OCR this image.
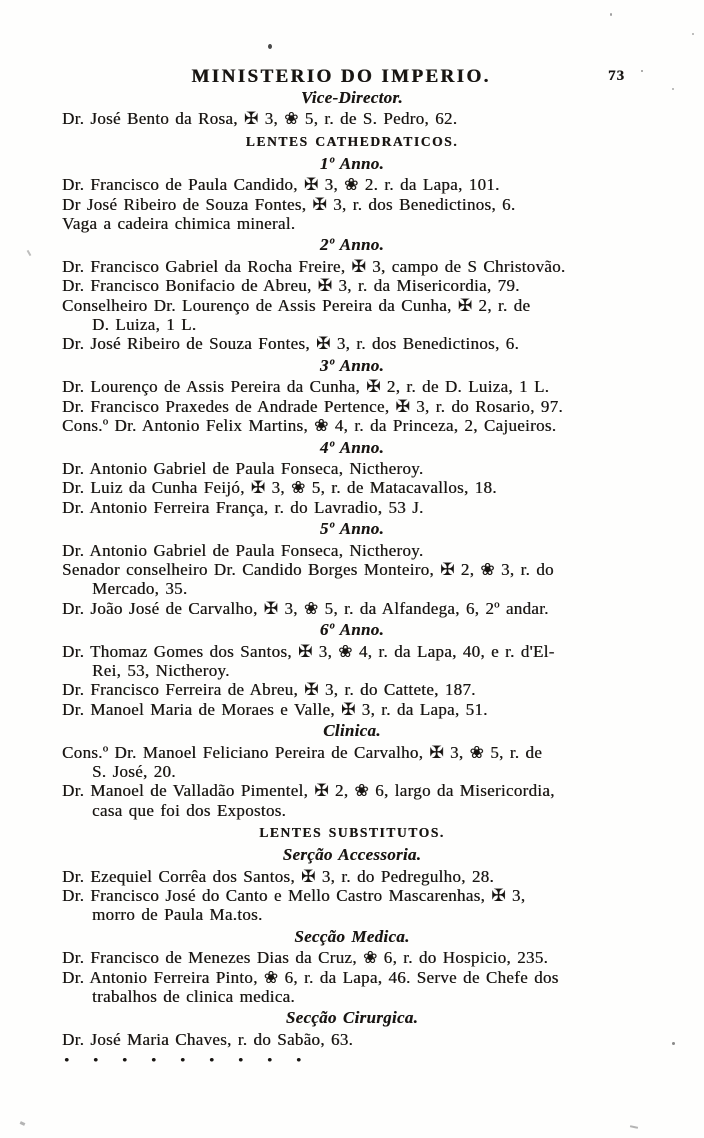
MINISTERIO DO IMPERIO.	73
Vice-Director.
Dr. José Bento da Rosa, ✠ 3, ❀ 5, r. de S. Pedro, 62.
LENTES CATHEDRATICOS.
1º Anno.
Dr. Francisco de Paula Candido, ✠ 3, ❀ 2. r. da Lapa, 101.
Dr José Ribeiro de Souza Fontes, ✠ 3, r. dos Benedictinos, 6.
Vaga a cadeira chimica mineral.
2º Anno.
Dr. Francisco Gabriel da Rocha Freire, ✠ 3, campo de S Christovão.
Dr. Francisco Bonifacio de Abreu, ✠ 3, r. da Misericordia, 79.
Conselheiro Dr. Lourenço de Assis Pereira da Cunha, ✠ 2, r. de
D. Luiza, 1 L.
Dr. José Ribeiro de Souza Fontes, ✠ 3, r. dos Benedictinos, 6.
3º Anno.
Dr. Lourenço de Assis Pereira da Cunha, ✠ 2, r. de D. Luiza, 1 L.
Dr. Francisco Praxedes de Andrade Pertence, ✠ 3, r. do Rosario, 97.
Cons.º Dr. Antonio Felix Martins, ❀ 4, r. da Princeza, 2, Cajueiros.
4º Anno.
Dr. Antonio Gabriel de Paula Fonseca, Nictheroy.
Dr. Luiz da Cunha Feijó, ✠ 3, ❀ 5, r. de Matacavallos, 18.
Dr. Antonio Ferreira França, r. do Lavradio, 53 J.
5º Anno.
Dr. Antonio Gabriel de Paula Fonseca, Nictheroy.
Senador conselheiro Dr. Candido Borges Monteiro, ✠ 2, ❀ 3, r. do
Mercado, 35.
Dr. João José de Carvalho, ✠ 3, ❀ 5, r. da Alfandega, 6, 2º andar.
6º Anno.
Dr. Thomaz Gomes dos Santos, ✠ 3, ❀ 4, r. da Lapa, 40, e r. d'El-
Rei, 53, Nictheroy.
Dr. Francisco Ferreira de Abreu, ✠ 3, r. do Cattete, 187.
Dr. Manoel Maria de Moraes e Valle, ✠ 3, r. da Lapa, 51.
Clinica.
Cons.º Dr. Manoel Feliciano Pereira de Carvalho, ✠ 3, ❀ 5, r. de
S. José, 20.
Dr. Manoel de Valladão Pimentel, ✠ 2, ❀ 6, largo da Misericordia,
casa que foi dos Expostos.
LENTES SUBSTITUTOS.
Serção Accessoria.
Dr. Ezequiel Corrêa dos Santos, ✠ 3, r. do Pedregulho, 28.
Dr. Francisco José do Canto e Mello Castro Mascarenhas, ✠ 3,
morro de Paula Ma.tos.
Secção Medica.
Dr. Francisco de Menezes Dias da Cruz, ❀ 6, r. do Hospicio, 235.
Dr. Antonio Ferreira Pinto, ❀ 6, r. da Lapa, 46. Serve de Chefe dos
trabalhos de clinica medica.
Secção Cirurgica.
Dr. José Maria Chaves, r. do Sabão, 63.
• • • • • • • • •
